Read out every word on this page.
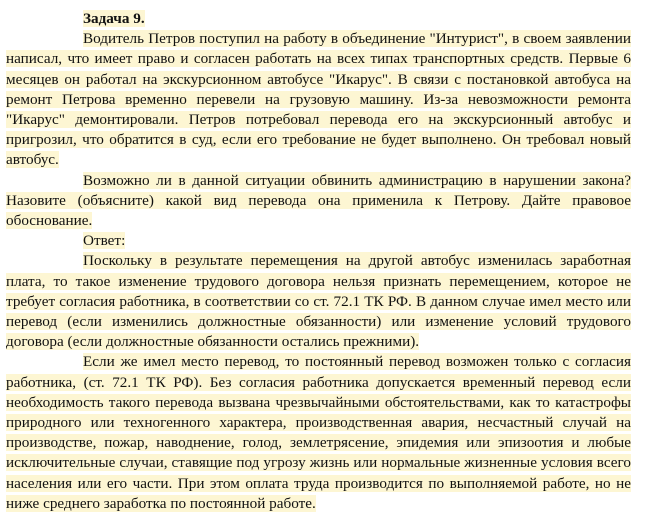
Задача 9.

Водитель Петров поступил на работу в объединение "Интурист", в своем заявлении написал, что имеет право и согласен работать на всех типах транспортных средств. Первые 6 месяцев он работал на экскурсионном автобусе "Икарус". В связи с постановкой автобуса на ремонт Петрова временно перевели на грузовую машину. Из-за невозможности ремонта "Икарус" демонтировали. Петров потребовал перевода его на экскурсионный автобус и пригрозил, что обратится в суд, если его требование не будет выполнено. Он требовал новый автобус.

Возможно ли в данной ситуации обвинить администрацию в нарушении закона? Назовите (объясните) какой вид перевода она применила к Петрову. Дайте правовое обоснование.

Ответ:

Поскольку в результате перемещения на другой автобус изменилась заработная плата, то такое изменение трудового договора нельзя признать перемещением, которое не требует согласия работника, в соответствии со ст. 72.1 ТК РФ. В данном случае имел место или перевод (если изменились должностные обязанности) или изменение условий трудового договора (если должностные обязанности остались прежними).

Если же имел место перевод, то постоянный перевод возможен только с согласия работника, (ст. 72.1 ТК РФ). Без согласия работника допускается временный перевод если необходимость такого перевода вызвана чрезвычайными обстоятельствами, как то катастрофы природного или техногенного характера, производственная авария, несчастный случай на производстве, пожар, наводнение, голод, землетрясение, эпидемия или эпизоотия и любые исключительные случаи, ставящие под угрозу жизнь или нормальные жизненные условия всего населения или его части. При этом оплата труда производится по выполняемой работе, но не ниже среднего заработка по постоянной работе.
